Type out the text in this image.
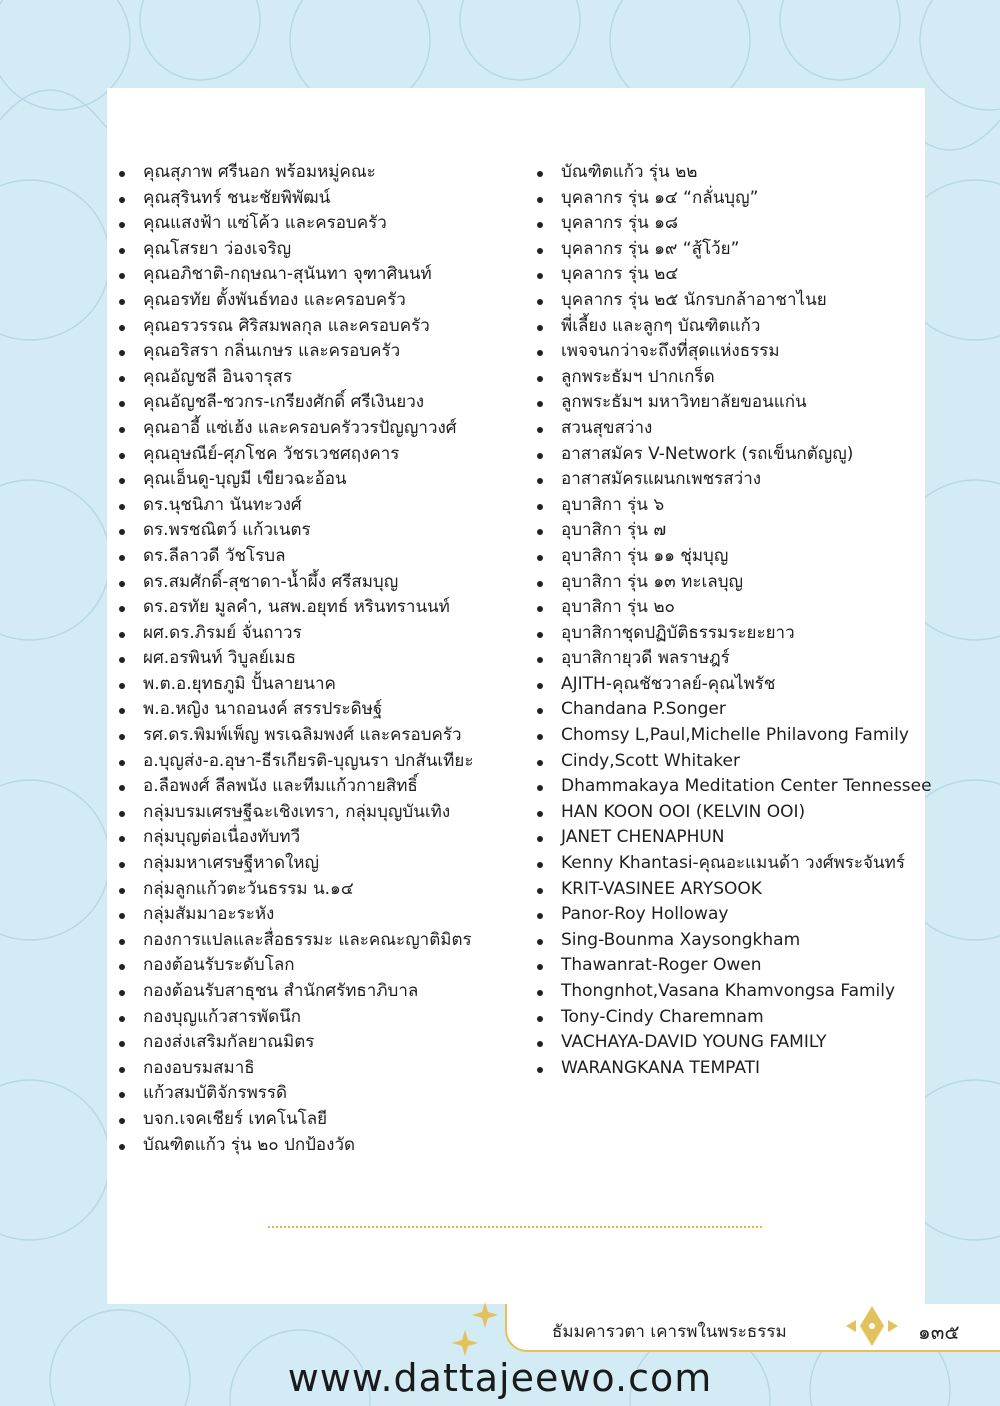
คุณสุภาพ ศรีนอก พร้อมหมู่คณะ
คุณสุรินทร์ ชนะชัยพิพัฒน์
คุณแสงฟ้า แซ่โค้ว และครอบครัว
คุณโสรยา ว่องเจริญ
คุณอภิชาติ-กฤษณา-สุนันทา จุฑาศินนท์
คุณอรทัย ตั้งพันธ์ทอง และครอบครัว
คุณอรวรรณ ศิริสมพลกุล และครอบครัว
คุณอริสรา กลิ่นเกษร และครอบครัว
คุณอัญชลี อินจารุสร
คุณอัญชลี-ชวกร-เกรียงศักดิ์ ศรีเงินยวง
คุณอาอี้ แซ่เฮ้ง และครอบครัววรปัญญาวงศ์
คุณอุษณีย์-ศุภโชค วัชรเวชศฤงคาร
คุณเอ็นดู-บุญมี เขียวฉะอ้อน
ดร.นุชนิภา นันทะวงศ์
ดร.พรชณิตว์ แก้วเนตร
ดร.ลีลาวดี วัชโรบล
ดร.สมศักดิ์-สุชาดา-น้ำผึ้ง ศรีสมบุญ
ดร.อรทัย มูลคำ, นสพ.อยุทธ์ หรินทรานนท์
ผศ.ดร.ภิรมย์ จั่นถาวร
ผศ.อรพินท์ วิบูลย์เมธ
พ.ต.อ.ยุทธภูมิ ปั้นลายนาค
พ.อ.หญิง นาถอนงค์ สรรประดิษฐ์
รศ.ดร.พิมพ์เพ็ญ พรเฉลิมพงศ์ และครอบครัว
อ.บุญส่ง-อ.อุษา-ธีรเกียรติ-บุญนรา ปกสันเทียะ
อ.ลือพงศ์ ลีลพนัง และทีมแก้วกายสิทธิ์
กลุ่มบรมเศรษฐีฉะเชิงเทรา, กลุ่มบุญบันเทิง
กลุ่มบุญต่อเนื่องทับทวี
กลุ่มมหาเศรษฐีหาดใหญ่
กลุ่มลูกแก้วตะวันธรรม น.๑๔
กลุ่มสัมมาอะระหัง
กองการแปลและสื่อธรรมะ และคณะญาติมิตร
กองต้อนรับระดับโลก
กองต้อนรับสาธุชน สำนักศรัทธาภิบาล
กองบุญแก้วสารพัดนึก
กองส่งเสริมกัลยาณมิตร
กองอบรมสมาธิ
แก้วสมบัติจักรพรรดิ
บจก.เจคเชียร์ เทคโนโลยี
บัณฑิตแก้ว รุ่น ๒๐ ปกป้องวัด
บัณฑิตแก้ว รุ่น ๒๒
บุคลากร รุ่น ๑๔ “กลั่นบุญ”
บุคลากร รุ่น ๑๘
บุคลากร รุ่น ๑๙ “สู้โว้ย”
บุคลากร รุ่น ๒๔
บุคลากร รุ่น ๒๕ นักรบกล้าอาชาไนย
พี่เลี้ยง และลูกๆ บัณฑิตแก้ว
เพจจนกว่าจะถึงที่สุดแห่งธรรม
ลูกพระธัมฯ ปากเกร็ด
ลูกพระธัมฯ มหาวิทยาลัยขอนแก่น
สวนสุขสว่าง
อาสาสมัคร V-Network (รถเข็นกตัญญู)
อาสาสมัครแผนกเพชรสว่าง
อุบาสิกา รุ่น ๖
อุบาสิกา รุ่น ๗
อุบาสิกา รุ่น ๑๑ ชุ่มบุญ
อุบาสิกา รุ่น ๑๓ ทะเลบุญ
อุบาสิกา รุ่น ๒๐
อุบาสิกาชุดปฏิบัติธรรมระยะยาว
อุบาสิกายุวดี พลราษฎร์
AJITH-คุณชัชวาลย์-คุณไพรัช
Chandana P.Songer
Chomsy L,Paul,Michelle Philavong Family
Cindy,Scott Whitaker
Dhammakaya Meditation Center Tennessee
HAN KOON OOI (KELVIN OOI)
JANET CHENAPHUN
Kenny Khantasi-คุณอะแมนด้า วงศ์พระจันทร์
KRIT-VASINEE ARYSOOK
Panor-Roy Holloway
Sing-Bounma Xaysongkham
Thawanrat-Roger Owen
Thongnhot,Vasana Khamvongsa Family
Tony-Cindy Charemnam
VACHAYA-DAVID YOUNG FAMILY
WARANGKANA TEMPATI
ธัมมคารวตา เคารพในพระธรรม	๑๓๕
www.dattajeewo.com
